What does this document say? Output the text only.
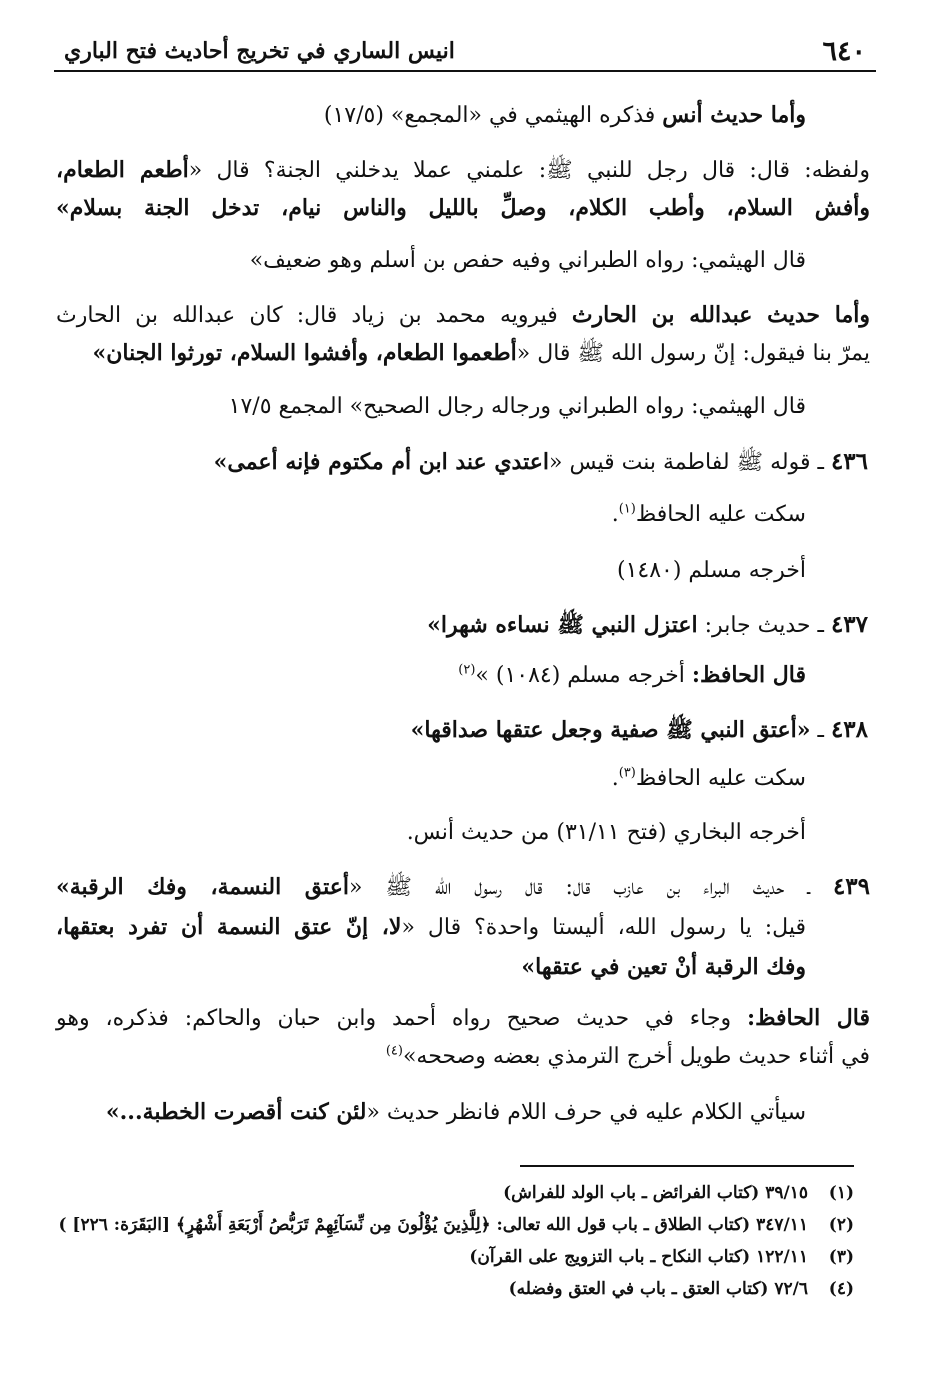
٦٤٠
انيس الساري في تخريج أحاديث فتح الباري
وأما حديث أنس فذكره الهيثمي في «المجمع» (١٧/٥)
ولفظه: قال: قال رجل للنبي ﷺ: علمني عملا يدخلني الجنة؟ قال «أطعم الطعام،
وأفش السلام، وأطب الكلام، وصلِّ بالليل والناس نيام، تدخل الجنة بسلام»
قال الهيثمي: رواه الطبراني وفيه حفص بن أسلم وهو ضعيف»
وأما حديث عبدالله بن الحارث فيرويه محمد بن زياد قال: كان عبدالله بن الحارث
يمرّ بنا فيقول: إنّ رسول الله ﷺ قال «أطعموا الطعام، وأفشوا السلام، تورثوا الجنان»
قال الهيثمي: رواه الطبراني ورجاله رجال الصحيح» المجمع ١٧/٥
٤٣٦ ـ قوله ﷺ لفاطمة بنت قيس «اعتدي عند ابن أم مكتوم فإنه أعمى»
سكت عليه الحافظ$^{(١)}$.
أخرجه مسلم (١٤٨٠)
٤٣٧ ـ حديث جابر: اعتزل النبي ﷺ نساءه شهرا»
قال الحافظ: أخرجه مسلم (١٠٨٤) »$^{(٢)}$
٤٣٨ ـ «أعتق النبي ﷺ صفية وجعل عتقها صداقها»
سكت عليه الحافظ$^{(٣)}$.
أخرجه البخاري (فتح ٣١/١١) من حديث أنس.
٤٣٩ ـ حديث البراء بن عازب قال: قال رسول الله ﷺ «أعتق النسمة، وفك الرقبة»
قيل: يا رسول الله، أليستا واحدة؟ قال «لا، إنّ عتق النسمة أن تفرد بعتقها،
وفك الرقبة أنْ تعين في عتقها»
قال الحافظ: وجاء في حديث صحيح رواه أحمد وابن حبان والحاكم: فذكره، وهو
في أثناء حديث طويل أخرج الترمذي بعضه وصححه»$^{(٤)}$
سيأتي الكلام عليه في حرف اللام فانظر حديث «لئن كنت أقصرت الخطبة...»
(١)٣٩/١٥ (كتاب الفرائض ـ باب الولد للفراش)
(٢)٣٤٧/١١ (كتاب الطلاق ـ باب قول الله تعالى: ﴿لِلَّذِينَ يُؤْلُونَ مِن نِّسَآئِهِمْ تَرَبُّصُ أَرْبَعَةِ أَشْهُرٍ﴾ [البَقَرَة: ٢٢٦] )
(٣)١٢٢/١١ (كتاب النكاح ـ باب التزويج على القرآن)
(٤)٧٢/٦ (كتاب العتق ـ باب في العتق وفضله)
